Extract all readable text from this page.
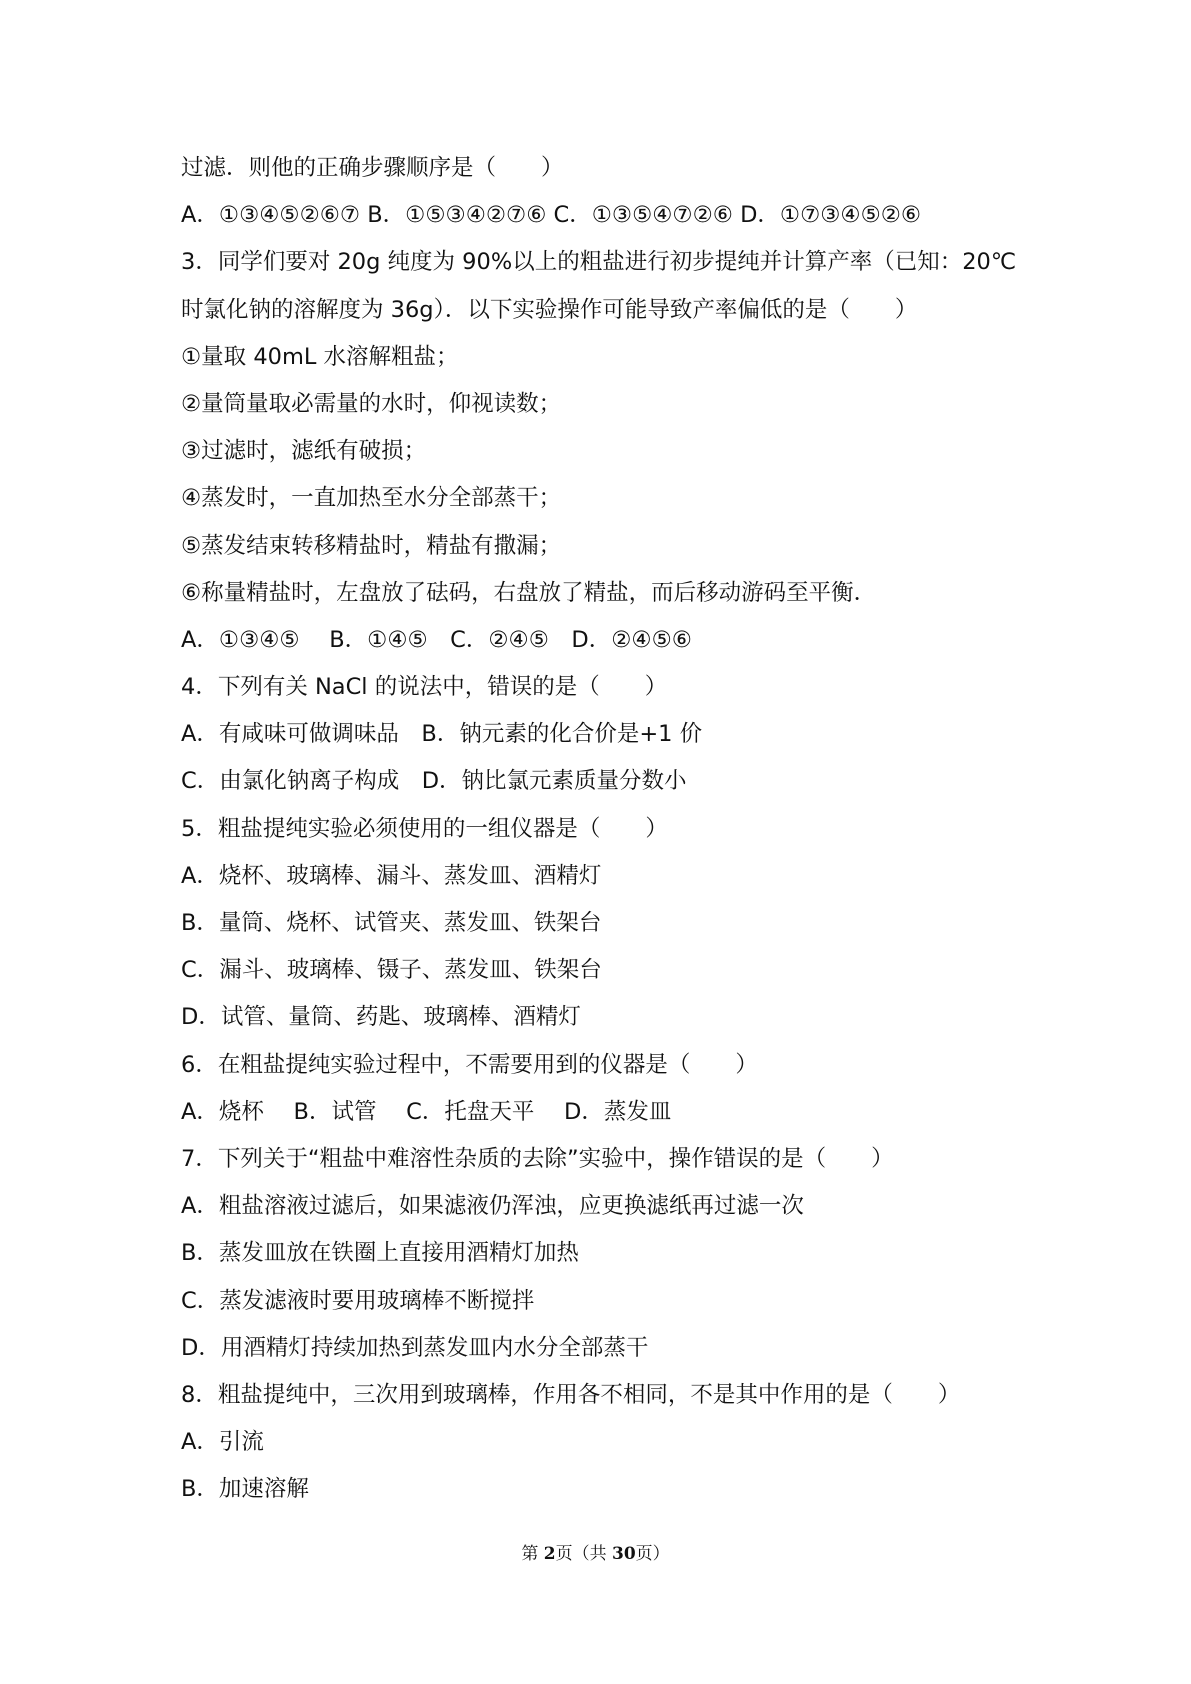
过滤．则他的正确步骤顺序是（　　）
A．①③④⑤②⑥⑦ B．①⑤③④②⑦⑥ C．①③⑤④⑦②⑥ D．①⑦③④⑤②⑥
3．同学们要对 20g 纯度为 90%以上的粗盐进行初步提纯并计算产率（已知：20℃
时氯化钠的溶解度为 36g）．以下实验操作可能导致产率偏低的是（　　）
①量取 40mL 水溶解粗盐；
②量筒量取必需量的水时，仰视读数；
③过滤时，滤纸有破损；
④蒸发时，一直加热至水分全部蒸干；
⑤蒸发结束转移精盐时，精盐有撒漏；
⑥称量精盐时，左盘放了砝码，右盘放了精盐，而后移动游码至平衡．
A．①③④⑤　 B．①④⑤　C．②④⑤　D．②④⑤⑥
4．下列有关 NaCl 的说法中，错误的是（　　）
A．有咸味可做调味品　B．钠元素的化合价是+1 价
C．由氯化钠离子构成　D．钠比氯元素质量分数小
5．粗盐提纯实验必须使用的一组仪器是（　　）
A．烧杯、玻璃棒、漏斗、蒸发皿、酒精灯
B．量筒、烧杯、试管夹、蒸发皿、铁架台
C．漏斗、玻璃棒、镊子、蒸发皿、铁架台
D．试管、量筒、药匙、玻璃棒、酒精灯
6．在粗盐提纯实验过程中，不需要用到的仪器是（　　）
A．烧杯　 B．试管　 C．托盘天平　 D．蒸发皿
7．下列关于“粗盐中难溶性杂质的去除”实验中，操作错误的是（　　）
A．粗盐溶液过滤后，如果滤液仍浑浊，应更换滤纸再过滤一次
B．蒸发皿放在铁圈上直接用酒精灯加热
C．蒸发滤液时要用玻璃棒不断搅拌
D．用酒精灯持续加热到蒸发皿内水分全部蒸干
8．粗盐提纯中，三次用到玻璃棒，作用各不相同，不是其中作用的是（　　）
A．引流
B．加速溶解
第 2页（共 30页）
